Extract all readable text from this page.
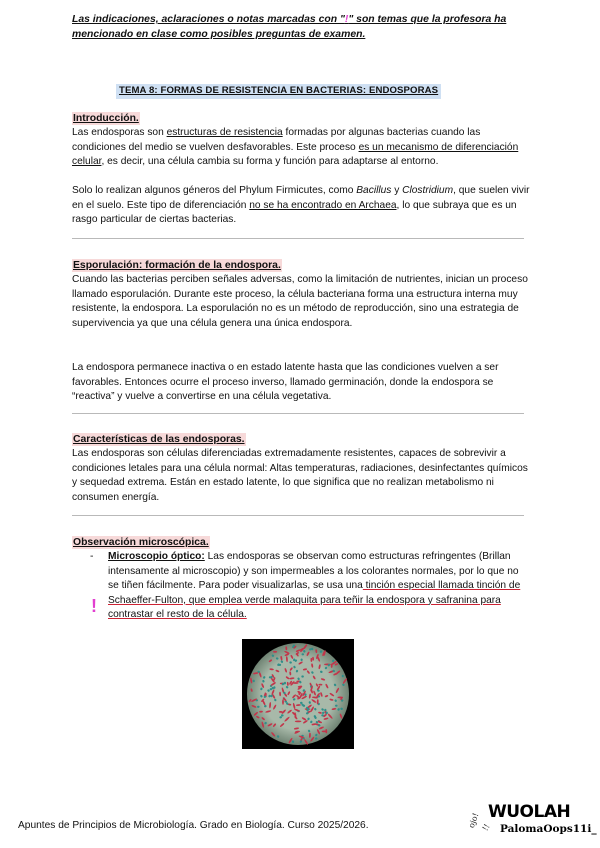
Las indicaciones, aclaraciones o notas marcadas con "!" son temas que la profesora ha mencionado en clase como posibles preguntas de examen.
TEMA 8: FORMAS DE RESISTENCIA EN BACTERIAS: ENDOSPORAS
Introducción.
Las endosporas son estructuras de resistencia formadas por algunas bacterias cuando las condiciones del medio se vuelven desfavorables. Este proceso es un mecanismo de diferenciación celular, es decir, una célula cambia su forma y función para adaptarse al entorno.
Solo lo realizan algunos géneros del Phylum Firmicutes, como Bacillus y Clostridium, que suelen vivir en el suelo. Este tipo de diferenciación no se ha encontrado en Archaea, lo que subraya que es un rasgo particular de ciertas bacterias.
Esporulación: formación de la endospora.
Cuando las bacterias perciben señales adversas, como la limitación de nutrientes, inician un proceso llamado esporulación. Durante este proceso, la célula bacteriana forma una estructura interna muy resistente, la endospora. La esporulación no es un método de reproducción, sino una estrategia de supervivencia ya que una célula genera una única endospora.
La endospora permanece inactiva o en estado latente hasta que las condiciones vuelven a ser favorables. Entonces ocurre el proceso inverso, llamado germinación, donde la endospora se “reactiva” y vuelve a convertirse en una célula vegetativa.
Características de las endosporas.
Las endosporas son células diferenciadas extremadamente resistentes, capaces de sobrevivir a condiciones letales para una célula normal: Altas temperaturas, radiaciones, desinfectantes químicos y sequedad extrema. Están en estado latente, lo que significa que no realizan metabolismo ni consumen energía.
Observación microscópica.
- Microscopio óptico: Las endosporas se observan como estructuras refringentes (Brillan intensamente al microscopio) y son impermeables a los colorantes normales, por lo que no se tiñen fácilmente. Para poder visualizarlas, se usa una tinción especial llamada tinción de Schaeffer-Fulton, que emplea verde malaquita para teñir la endospora y safranina para contrastar el resto de la célula.
!
Apuntes de Principios de Microbiología. Grado en Biología. Curso 2025/2026.	ojo! !!
WUOLAH
PalomaOops11i_
